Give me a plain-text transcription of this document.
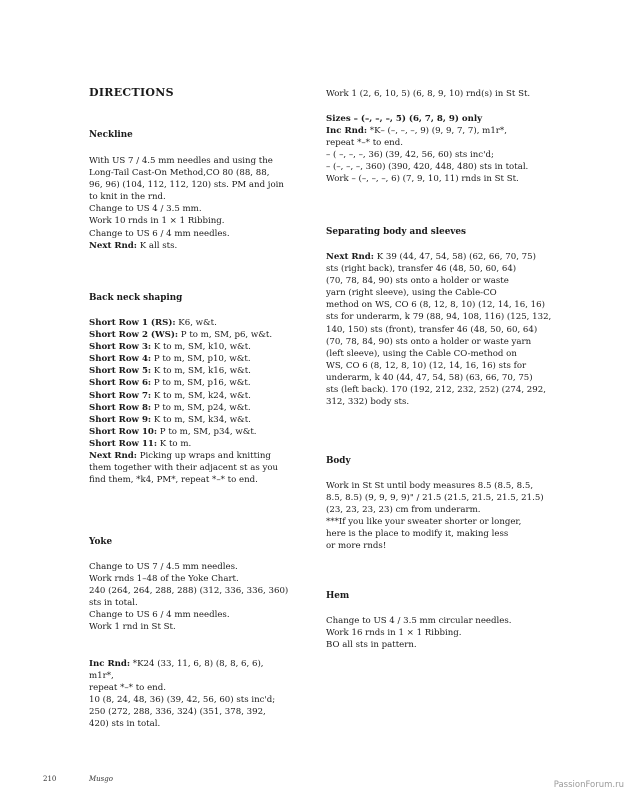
DIRECTIONS
Neckline

With US 7 / 4.5 mm needles and using the

Long-Tail Cast-On Method,CO 80 (88, 88,

96, 96) (104, 112, 112, 120) sts. PM and join

to knit in the rnd.

Change to US 4 / 3.5 mm.

Work 10 rnds in 1 × 1 Ribbing.

Change to US 6 / 4 mm needles.

Next Rnd: K all sts.

Back neck shaping

Short Row 1 (RS): K6, w&t.

Short Row 2 (WS): P to m, SM, p6, w&t.

Short Row 3: K to m, SM, k10, w&t.

Short Row 4: P to m, SM, p10, w&t.

Short Row 5: K to m, SM, k16, w&t.

Short Row 6: P to m, SM, p16, w&t.

Short Row 7: K to m, SM, k24, w&t.

Short Row 8: P to m, SM, p24, w&t.

Short Row 9: K to m, SM, k34, w&t.

Short Row 10: P to m, SM, p34, w&t.

Short Row 11: K to m.

Next Rnd: Picking up wraps and knitting

them together with their adjacent st as you

find them, *k4, PM*, repeat *–* to end.

Yoke

Change to US 7 / 4.5 mm needles.

Work rnds 1–48 of the Yoke Chart.

240 (264, 264, 288, 288) (312, 336, 336, 360)

sts in total.

Change to US 6 / 4 mm needles.

Work 1 rnd in St St.

Inc Rnd: *K24 (33, 11, 6, 8) (8, 8, 6, 6), m1r*,

repeat *–* to end.

10 (8, 24, 48, 36) (39, 42, 56, 60) sts inc'd;

250 (272, 288, 336, 324) (351, 378, 392,

420) sts in total.

Work 1 (2, 6, 10, 5) (6, 8, 9, 10) rnd(s) in St St.

Sizes – (–, –, –, 5) (6, 7, 8, 9) only

Inc Rnd: *K– (–, –, –, 9) (9, 9, 7, 7), m1r*,

repeat *–* to end.

– ( –, –, –, 36) (39, 42, 56, 60) sts inc'd;

– (–, –, –, 360) (390, 420, 448, 480) sts in total.

Work – (–, –, –, 6) (7, 9, 10, 11) rnds in St St.

Separating body and sleeves

Next Rnd: K 39 (44, 47, 54, 58) (62, 66, 70, 75)

sts (right back), transfer 46 (48, 50, 60, 64)

(70, 78, 84, 90) sts onto a holder or waste

yarn (right sleeve), using the Cable-CO

method on WS, CO 6 (8, 12, 8, 10) (12, 14, 16, 16)

sts for underarm, k 79 (88, 94, 108, 116) (125, 132,

140, 150) sts (front), transfer 46 (48, 50, 60, 64)

(70, 78, 84, 90) sts onto a holder or waste yarn

(left sleeve), using the Cable CO-method on

WS, CO 6 (8, 12, 8, 10) (12, 14, 16, 16) sts for

underarm, k 40 (44, 47, 54, 58) (63, 66, 70, 75)

sts (left back). 170 (192, 212, 232, 252) (274, 292,

312, 332) body sts.

Body

Work in St St until body measures 8.5 (8.5, 8.5,

8.5, 8.5) (9, 9, 9, 9)" / 21.5 (21.5, 21.5, 21.5, 21.5)

(23, 23, 23, 23) cm from underarm.

***If you like your sweater shorter or longer,

here is the place to modify it, making less

or more rnds!

Hem

Change to US 4 / 3.5 mm circular needles.

Work 16 rnds in 1 × 1 Ribbing.

BO all sts in pattern.

210	Musgo
PassionForum.ru
